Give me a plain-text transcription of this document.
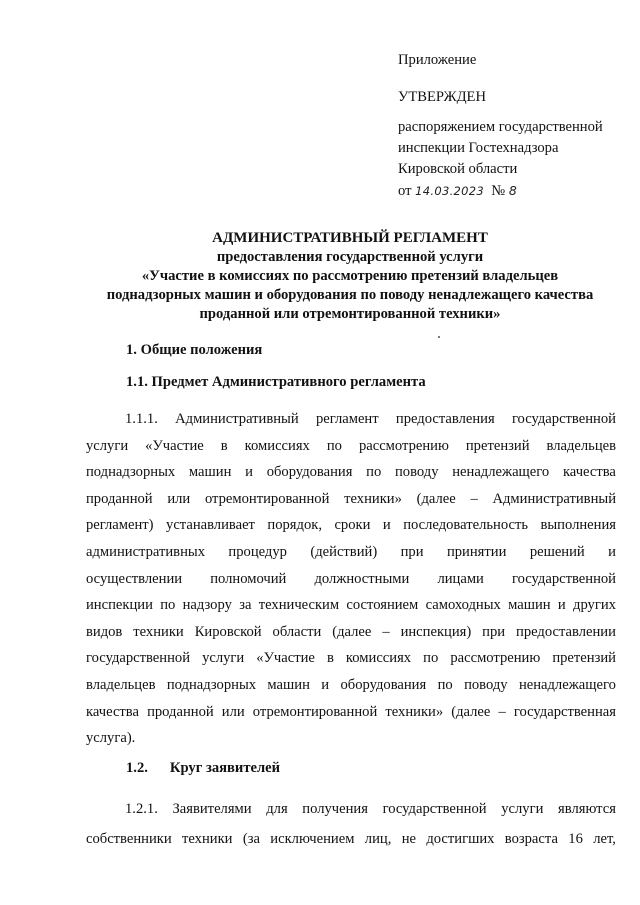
Приложение
УТВЕРЖДЕН
распоряжением государственной
инспекции Гостехнадзора
Кировской области
от 14.03.2023 № 8
АДМИНИСТРАТИВНЫЙ РЕГЛАМЕНТ
предоставления государственной услуги
«Участие в комиссиях по рассмотрению претензий владельцев
поднадзорных машин и оборудования по поводу ненадлежащего качества
проданной или отремонтированной техники»
1. Общие положения
1.1. Предмет Административного регламента
1.1.1. Административный регламент предоставления государственной
услуги «Участие в комиссиях по рассмотрению претензий владельцев
поднадзорных машин и оборудования по поводу ненадлежащего качества
проданной или отремонтированной техники» (далее – Административный
регламент) устанавливает порядок, сроки и последовательность выполнения
административных процедур (действий) при принятии решений и
осуществлении полномочий должностными лицами государственной
инспекции по надзору за техническим состоянием самоходных машин и других
видов техники Кировской области (далее – инспекция) при предоставлении
государственной услуги «Участие в комиссиях по рассмотрению претензий
владельцев поднадзорных машин и оборудования по поводу ненадлежащего
качества проданной или отремонтированной техники» (далее – государственная
услуга).
1.2. Круг заявителей
1.2.1. Заявителями для получения государственной услуги являются
собственники техники (за исключением лиц, не достигших возраста 16 лет,
